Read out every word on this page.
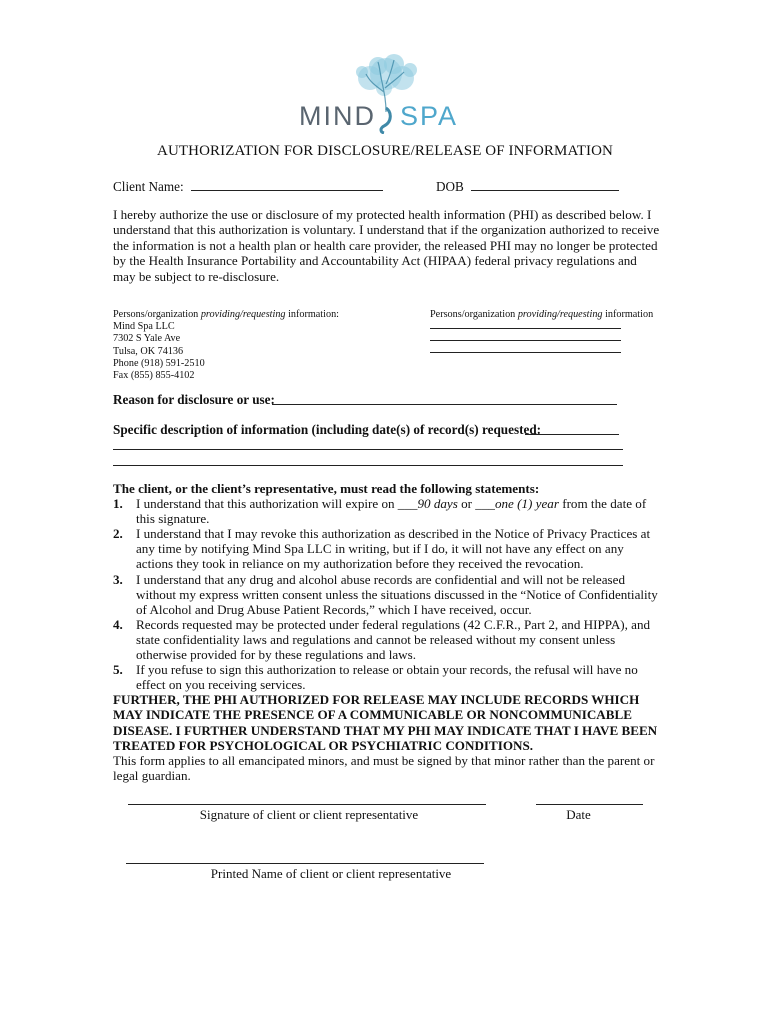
MIND SPA
AUTHORIZATION FOR DISCLOSURE/RELEASE OF INFORMATION
Client Name:	DOB
I hereby authorize the use or disclosure of my protected health information (PHI) as described below. I understand that this authorization is voluntary. I understand that if the organization authorized to receive the information is not a health plan or health care provider, the released PHI may no longer be protected by the Health Insurance Portability and Accountability Act (HIPAA) federal privacy regulations and may be subject to re-disclosure.
Persons/organization providing/requesting information:
Mind Spa LLC
7302 S Yale Ave
Tulsa, OK 74136
Phone (918) 591-2510
Fax (855) 855-4102
Persons/organization providing/requesting information
Reason for disclosure or use:
Specific description of information (including date(s) of record(s) requested:
The client, or the client’s representative, must read the following statements:
1.	I understand that this authorization will expire on ___90 days or ___one (1) year from the date of this signature.
2.	I understand that I may revoke this authorization as described in the Notice of Privacy Practices at any time by notifying Mind Spa LLC in writing, but if I do, it will not have any effect on any actions they took in reliance on my authorization before they received the revocation.
3.	I understand that any drug and alcohol abuse records are confidential and will not be released without my express written consent unless the situations discussed in the “Notice of Confidentiality of Alcohol and Drug Abuse Patient Records,” which I have received, occur.
4.	Records requested may be protected under federal regulations (42 C.F.R., Part 2, and HIPPA), and state confidentiality laws and regulations and cannot be released without my consent unless otherwise provided for by these regulations and laws.
5.	If you refuse to sign this authorization to release or obtain your records, the refusal will have no effect on you receiving services.
FURTHER, THE PHI AUTHORIZED FOR RELEASE MAY INCLUDE RECORDS WHICH MAY INDICATE THE PRESENCE OF A COMMUNICABLE OR NONCOMMUNICABLE DISEASE. I FURTHER UNDERSTAND THAT MY PHI MAY INDICATE THAT I HAVE BEEN TREATED FOR PSYCHOLOGICAL OR PSYCHIATRIC CONDITIONS.
This form applies to all emancipated minors, and must be signed by that minor rather than the parent or legal guardian.
Signature of client or client representative	Date
Printed Name of client or client representative
